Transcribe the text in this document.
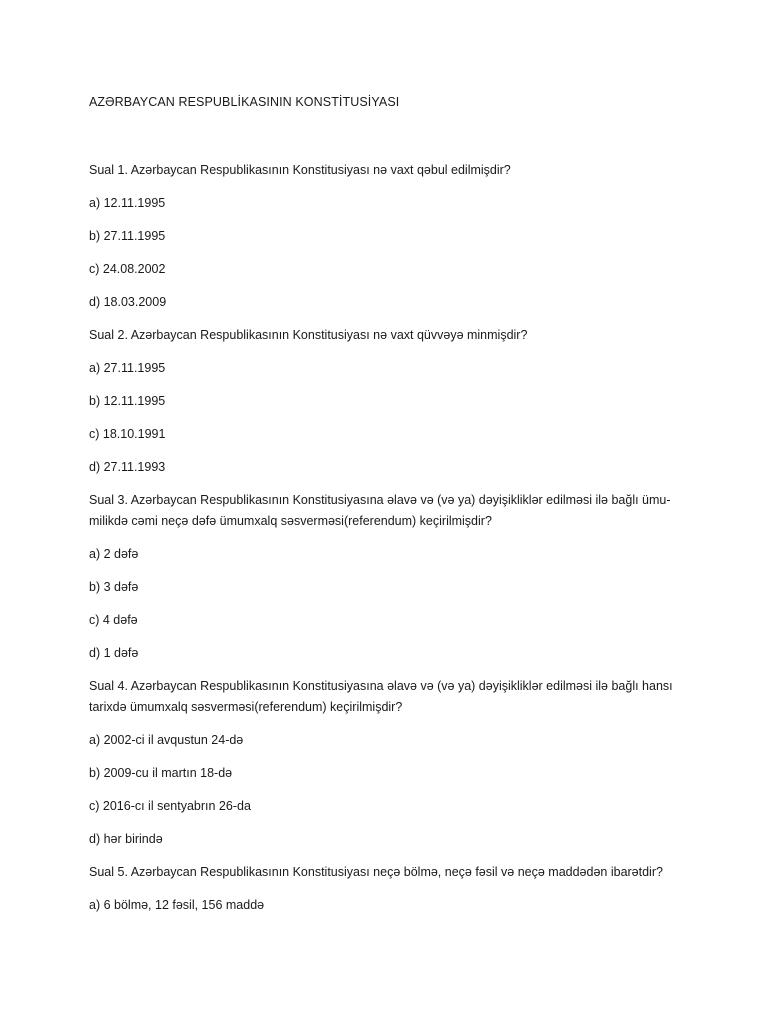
AZƏRBAYCAN RESPUBLİKASININ KONSTİTUSİYASI
Sual 1. Azərbaycan Respublikasının Konstitusiyası nə vaxt qəbul edilmişdir?
a) 12.11.1995
b) 27.11.1995
c) 24.08.2002
d) 18.03.2009
Sual 2. Azərbaycan Respublikasının Konstitusiyası nə vaxt qüvvəyə minmişdir?
a) 27.11.1995
b) 12.11.1995
c) 18.10.1991
d) 27.11.1993
Sual 3. Azərbaycan Respublikasının Konstitusiyasına əlavə və (və ya) dəyişikliklər edilməsi ilə bağlı ümu-
milikdə cəmi neçə dəfə ümumxalq səsverməsi(referendum) keçirilmişdir?
a) 2 dəfə
b) 3 dəfə
c) 4 dəfə
d) 1 dəfə
Sual 4. Azərbaycan Respublikasının Konstitusiyasına əlavə və (və ya) dəyişikliklər edilməsi ilə bağlı hansı
tarixdə ümumxalq səsverməsi(referendum) keçirilmişdir?
a) 2002-ci il avqustun 24-də
b) 2009-cu il martın 18-də
c) 2016-cı il sentyabrın 26-da
d) hər birində
Sual 5. Azərbaycan Respublikasının Konstitusiyası neçə bölmə, neçə fəsil və neçə maddədən ibarətdir?
a) 6 bölmə, 12 fəsil, 156 maddə
